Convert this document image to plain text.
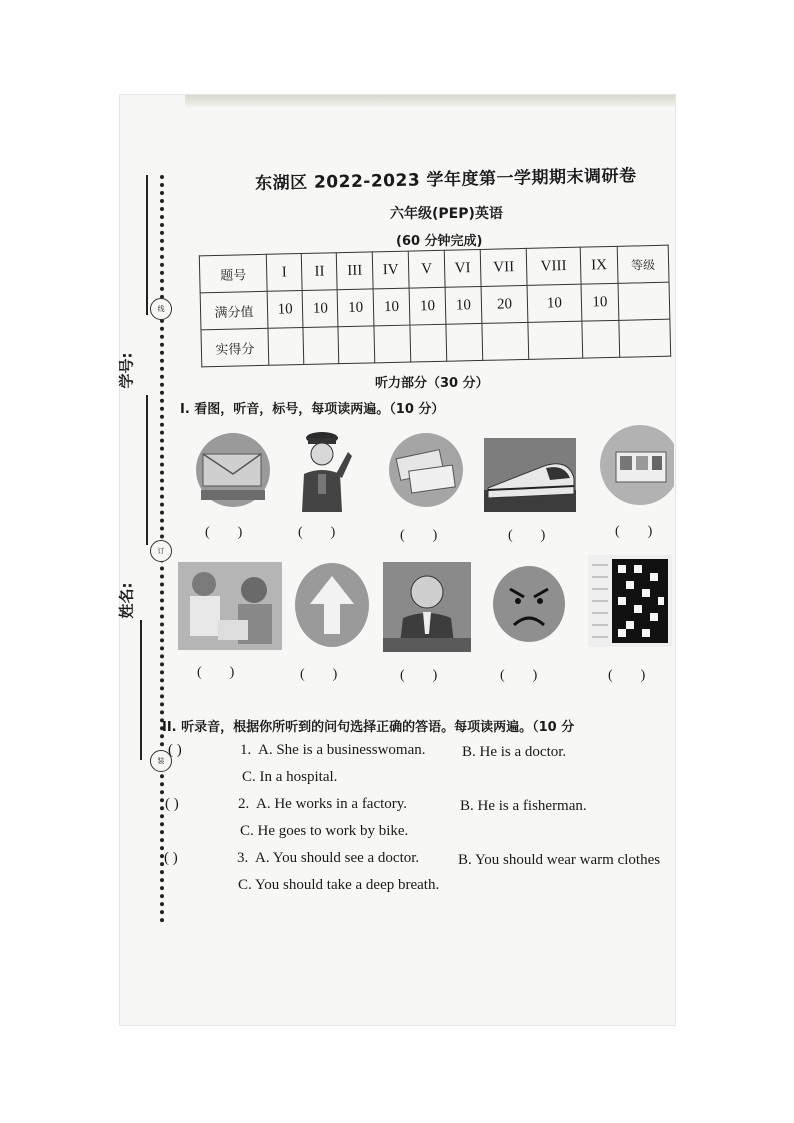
线
订
装
学号:
姓名:
东湖区 2022-2023 学年度第一学期期末调研卷
六年级(PEP)英语
(60 分钟完成)
题号	I	II	III	IV	V	VI	VII	VIII	IX	等级
满分值	10	10	10	10	10	10	20	10	10	
实得分										
听力部分（30 分）
I. 看图，听音，标号，每项读两遍。（10 分）
(        )	(        )	(        )	(        )	(        )
(        )	(        )	(        )	(        )	(        )
II. 听录音，根据你所听到的问句选择正确的答语。每项读两遍。（10 分
( )	1. A. She is a businesswoman. B. He is a doctor.
C. In a hospital.
( )	2. A. He works in a factory.	B. He is a fisherman.
C. He goes to work by bike.
( )	3. A. You should see a doctor.	B. You should wear warm clothes
C. You should take a deep breath.
